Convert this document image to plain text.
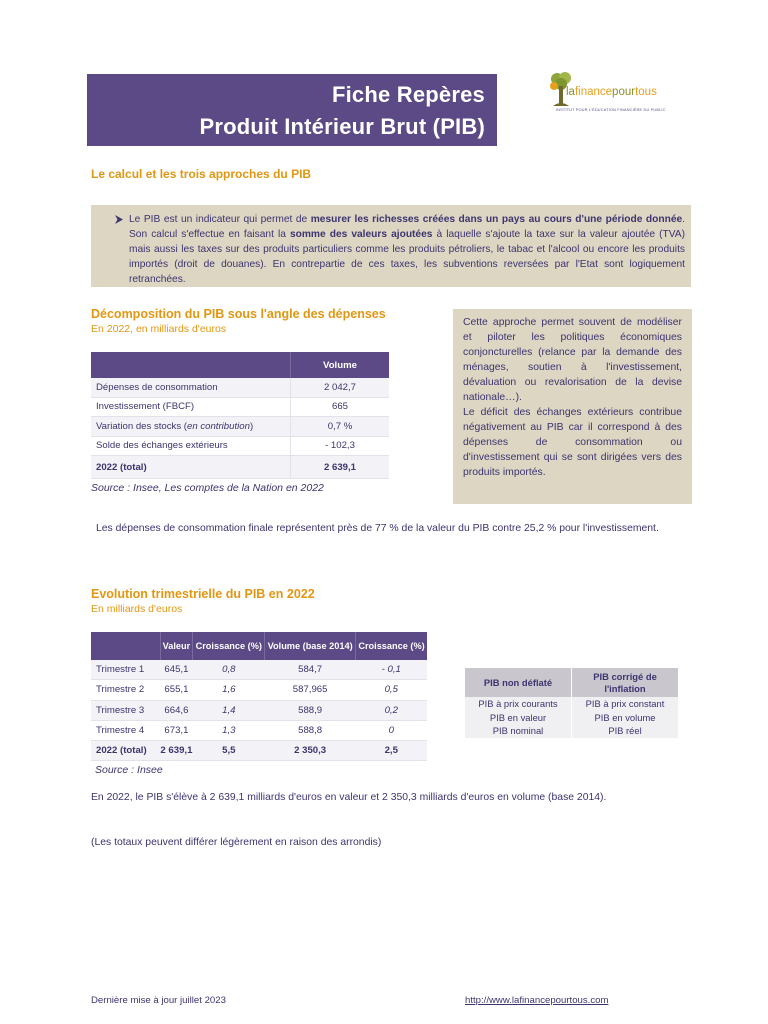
Fiche Repères
Produit Intérieur Brut (PIB)
lafinancepourtous
INSTITUT POUR L'ÉDUCATION FINANCIÈRE DU PUBLIC
Le calcul et les trois approches du PIB

Le PIB est un indicateur qui permet de mesurer les richesses créées dans un pays au cours d'une période donnée. Son calcul s'effectue en faisant la somme des valeurs ajoutées à laquelle s'ajoute la taxe sur la valeur ajoutée (TVA) mais aussi les taxes sur des produits particuliers comme les produits pétroliers, le tabac et l'alcool ou encore les produits importés (droit de douanes). En contrepartie de ces taxes, les subventions reversées par l'Etat sont logiquement retranchées.

Décomposition du PIB sous l'angle des dépenses
En 2022, en milliards d'euros
	Volume
Dépenses de consommation	2 042,7
Investissement (FBCF)	665
Variation des stocks (en contribution)	0,7 %
Solde des échanges extérieurs	- 102,3
2022 (total)	2 639,1
Source : Insee, Les comptes de la Nation en 2022

Cette approche permet souvent de modéliser et piloter les politiques économiques conjoncturelles (relance par la demande des ménages, soutien à l'investissement, dévaluation ou revalorisation de la devise nationale…).
Le déficit des échanges extérieurs contribue négativement au PIB car il correspond à des dépenses de consommation ou d'investissement qui se sont dirigées vers des produits importés.

Les dépenses de consommation finale représentent près de 77 % de la valeur du PIB contre 25,2 % pour l'investissement.
Evolution trimestrielle du PIB en 2022
En milliards d'euros
	Valeur	Croissance (%)	Volume (base 2014)	Croissance (%)
Trimestre 1	645,1	0,8	584,7	- 0,1
Trimestre 2	655,1	1,6	587,965	0,5
Trimestre 3	664,6	1,4	588,9	0,2
Trimestre 4	673,1	1,3	588,8	0
2022 (total)	2 639,1	5,5	2 350,3	2,5
Source : Insee
PIB non déflaté	PIB corrigé de l'inflation
PIB à prix courants	PIB à prix constant
PIB en valeur	PIB en volume
PIB nominal	PIB réel
En 2022, le PIB s'élève à 2 639,1 milliards d'euros en valeur et 2 350,3 milliards d'euros en volume (base 2014).
(Les totaux peuvent différer légèrement en raison des arrondis)
Dernière mise à jour juillet 2023	http://www.lafinancepourtous.com
